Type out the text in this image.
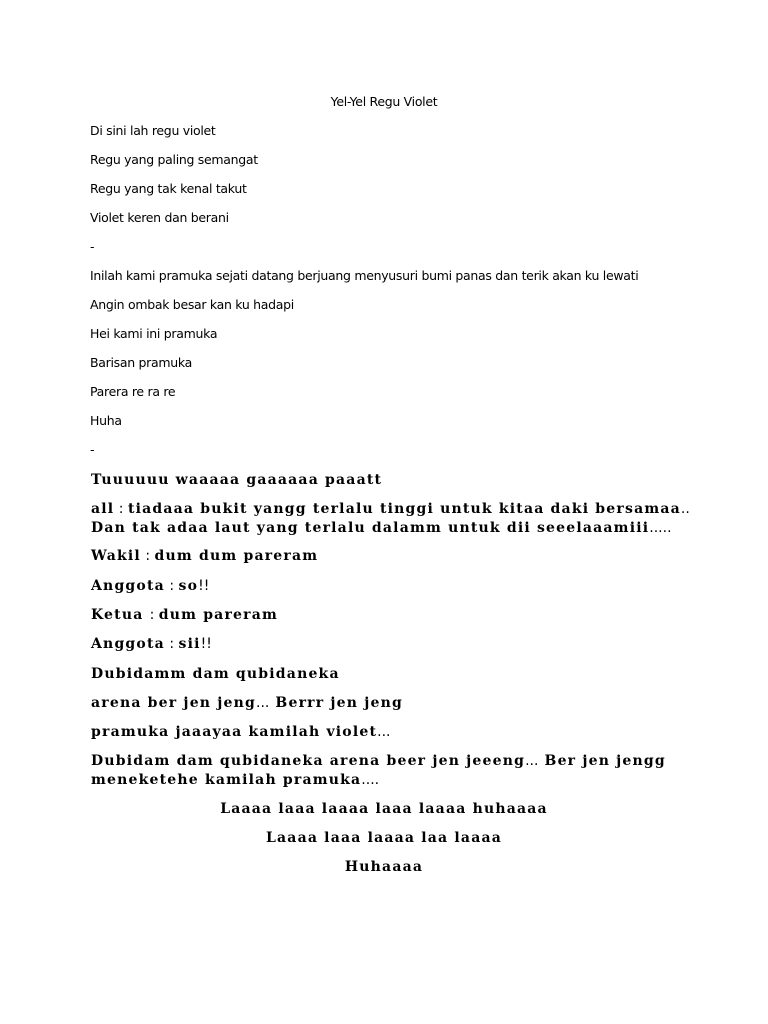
Yel-Yel Regu Violet

Di sini lah regu violet

Regu yang paling semangat

Regu yang tak kenal takut

Violet keren dan berani

-

Inilah kami pramuka sejati datang berjuang menyusuri bumi panas dan terik akan ku lewati

Angin ombak besar kan ku hadapi

Hei kami ini pramuka

Barisan pramuka

Parera re ra re

Huha

-

Tuuuuuu waaaaa gaaaaaa paaatt

all : tiadaaa bukit yangg terlalu tinggi untuk kitaa daki bersamaa..

Dan tak adaa laut yang terlalu dalamm untuk dii seeelaaamiii.....

Wakil : dum dum pareram

Anggota : so!!

Ketua : dum pareram

Anggota : sii!!

Dubidamm dam qubidaneka

arena ber jen jeng... Berrr jen jeng

pramuka jaaayaa kamilah violet...

Dubidam dam qubidaneka arena beer jen jeeeng... Ber jen jengg

meneketehe kamilah pramuka....

Laaaa laaa laaaa laaa laaaa huhaaaa

Laaaa laaa laaaa laa laaaa

Huhaaaa
